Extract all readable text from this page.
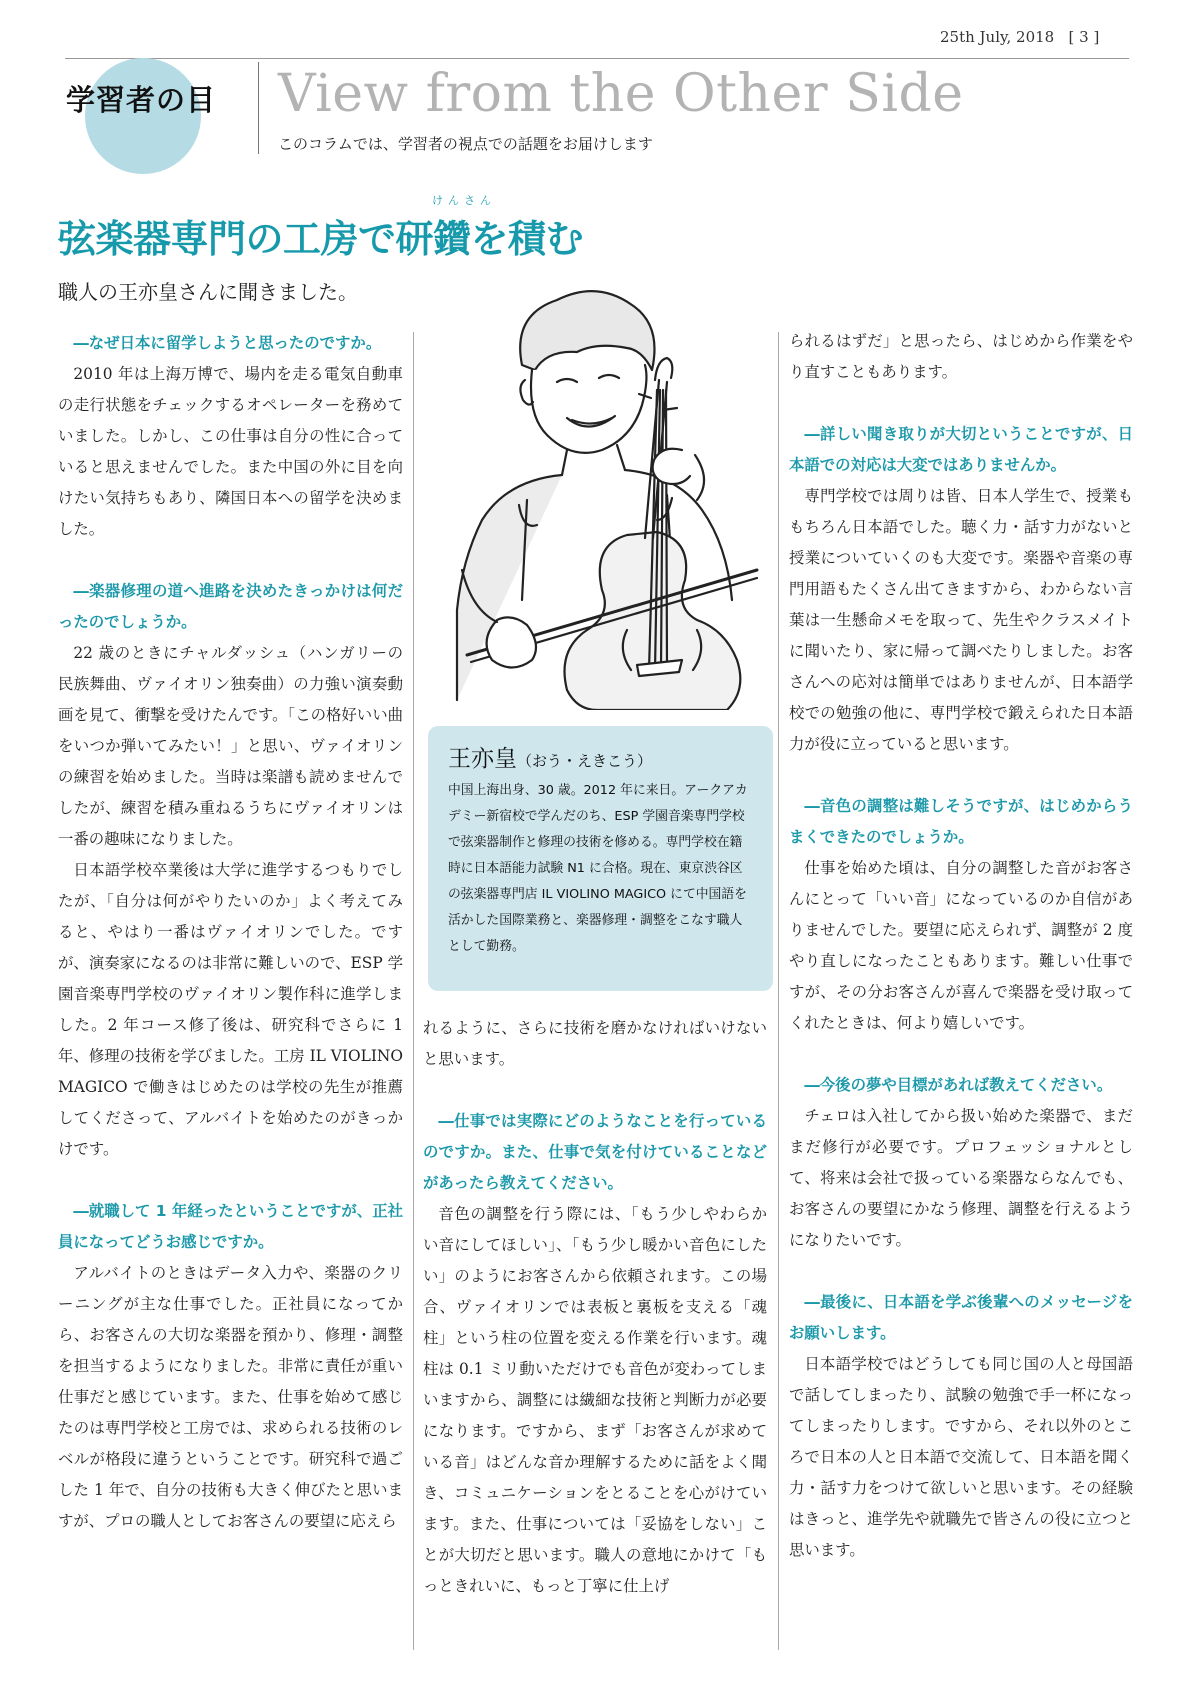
25th July, 2018 [ 3 ]
学習者の目 View from the Other Side
このコラムでは、学習者の視点での話題をお届けします
けんさん
弦楽器専門の工房で研鑽を積む
職人の王亦皇さんに聞きました。

―なぜ日本に留学しようと思ったのですか。

2010 年は上海万博で、場内を走る電気自動車の走行状態をチェックするオペレーターを務めていました。しかし、この仕事は自分の性に合っていると思えませんでした。また中国の外に目を向けたい気持ちもあり、隣国日本への留学を決めました。

―楽器修理の道へ進路を決めたきっかけは何だったのでしょうか。

22 歳のときにチャルダッシュ（ハンガリーの民族舞曲、ヴァイオリン独奏曲）の力強い演奏動画を見て、衝撃を受けたんです。「この格好いい曲をいつか弾いてみたい！」と思い、ヴァイオリンの練習を始めました。当時は楽譜も読めませんでしたが、練習を積み重ねるうちにヴァイオリンは一番の趣味になりました。

日本語学校卒業後は大学に進学するつもりでしたが、「自分は何がやりたいのか」よく考えてみると、やはり一番はヴァイオリンでした。ですが、演奏家になるのは非常に難しいので、ESP 学園音楽専門学校のヴァイオリン製作科に進学しました。2 年コース修了後は、研究科でさらに 1 年、修理の技術を学びました。工房 IL VIOLINO MAGICO で働きはじめたのは学校の先生が推薦してくださって、アルバイトを始めたのがきっかけです。

―就職して 1 年経ったということですが、正社員になってどうお感じですか。

アルバイトのときはデータ入力や、楽器のクリーニングが主な仕事でした。正社員になってから、お客さんの大切な楽器を預かり、修理・調整を担当するようになりました。非常に責任が重い仕事だと感じています。また、仕事を始めて感じたのは専門学校と工房では、求められる技術のレベルが格段に違うということです。研究科で過ごした 1 年で、自分の技術も大きく伸びたと思いますが、プロの職人としてお客さんの要望に応えら

王亦皇（おう・えきこう）
中国上海出身、30 歳。2012 年に来日。アークアカデミー新宿校で学んだのち、ESP 学園音楽専門学校で弦楽器制作と修理の技術を修める。専門学校在籍時に日本語能力試験 N1 に合格。現在、東京渋谷区の弦楽器専門店 IL VIOLINO MAGICO にて中国語を活かした国際業務と、楽器修理・調整をこなす職人として勤務。

れるように、さらに技術を磨かなければいけないと思います。

―仕事では実際にどのようなことを行っているのですか。また、仕事で気を付けていることなどがあったら教えてください。

音色の調整を行う際には、「もう少しやわらかい音にしてほしい」、「もう少し暖かい音色にしたい」のようにお客さんから依頼されます。この場合、ヴァイオリンでは表板と裏板を支える「魂柱」という柱の位置を変える作業を行います。魂柱は 0.1 ミリ動いただけでも音色が変わってしまいますから、調整には繊細な技術と判断力が必要になります。ですから、まず「お客さんが求めている音」はどんな音か理解するために話をよく聞き、コミュニケーションをとることを心がけています。また、仕事については「妥協をしない」ことが大切だと思います。職人の意地にかけて「もっときれいに、もっと丁寧に仕上げ

られるはずだ」と思ったら、はじめから作業をやり直すこともあります。

―詳しい聞き取りが大切ということですが、日本語での対応は大変ではありませんか。

専門学校では周りは皆、日本人学生で、授業ももちろん日本語でした。聴く力・話す力がないと授業についていくのも大変です。楽器や音楽の専門用語もたくさん出てきますから、わからない言葉は一生懸命メモを取って、先生やクラスメイトに聞いたり、家に帰って調べたりしました。お客さんへの応対は簡単ではありませんが、日本語学校での勉強の他に、専門学校で鍛えられた日本語力が役に立っていると思います。

―音色の調整は難しそうですが、はじめからうまくできたのでしょうか。

仕事を始めた頃は、自分の調整した音がお客さんにとって「いい音」になっているのか自信がありませんでした。要望に応えられず、調整が 2 度やり直しになったこともあります。難しい仕事ですが、その分お客さんが喜んで楽器を受け取ってくれたときは、何より嬉しいです。

―今後の夢や目標があれば教えてください。

チェロは入社してから扱い始めた楽器で、まだまだ修行が必要です。プロフェッショナルとして、将来は会社で扱っている楽器ならなんでも、お客さんの要望にかなう修理、調整を行えるようになりたいです。

―最後に、日本語を学ぶ後輩へのメッセージをお願いします。

日本語学校ではどうしても同じ国の人と母国語で話してしまったり、試験の勉強で手一杯になってしまったりします。ですから、それ以外のところで日本の人と日本語で交流して、日本語を聞く力・話す力をつけて欲しいと思います。その経験はきっと、進学先や就職先で皆さんの役に立つと思います。
